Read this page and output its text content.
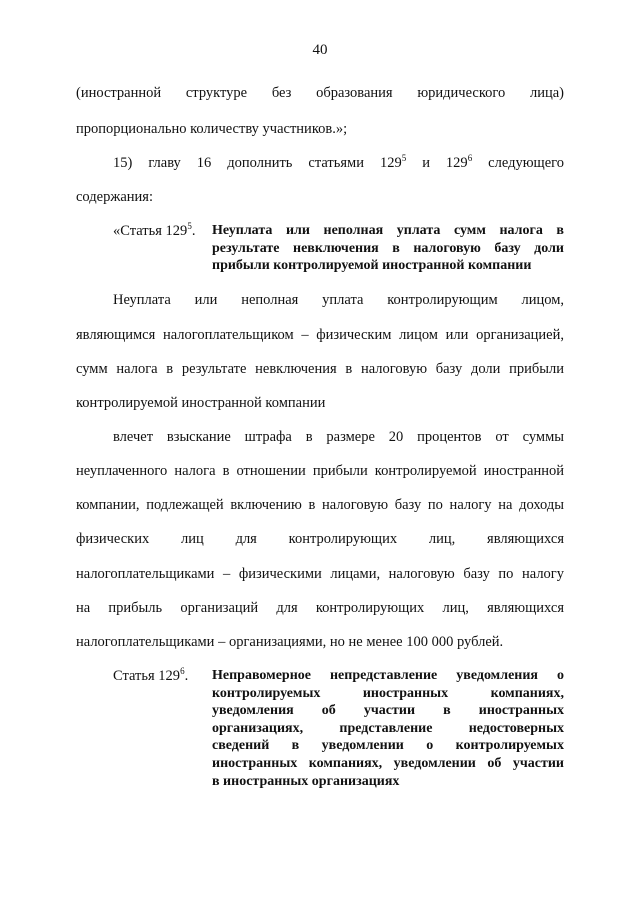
40
(иностранной структуре без образования юридического лица)
пропорционально количеству участников.»;
15) главу 16 дополнить статьями $129^5$ и $129^6$ следующего
содержания:
«Статья $129^5$. Неуплата или неполная уплата сумм налога в
результате невключения в налоговую базу доли
прибыли контролируемой иностранной компании
Неуплата или неполная уплата контролирующим лицом,
являющимся налогоплательщиком – физическим лицом или организацией,
сумм налога в результате невключения в налоговую базу доли прибыли
контролируемой иностранной компании
влечет взыскание штрафа в размере 20 процентов от суммы
неуплаченного налога в отношении прибыли контролируемой иностранной
компании, подлежащей включению в налоговую базу по налогу на доходы
физических лиц для контролирующих лиц, являющихся
налогоплательщиками – физическими лицами, налоговую базу по налогу
на прибыль организаций для контролирующих лиц, являющихся
налогоплательщиками – организациями, но не менее 100 000 рублей.
Статья $129^6$. Неправомерное непредставление уведомления о
контролируемых иностранных компаниях,
уведомления об участии в иностранных
организациях, представление недостоверных
сведений в уведомлении о контролируемых
иностранных компаниях, уведомлении об участии
в иностранных организациях
